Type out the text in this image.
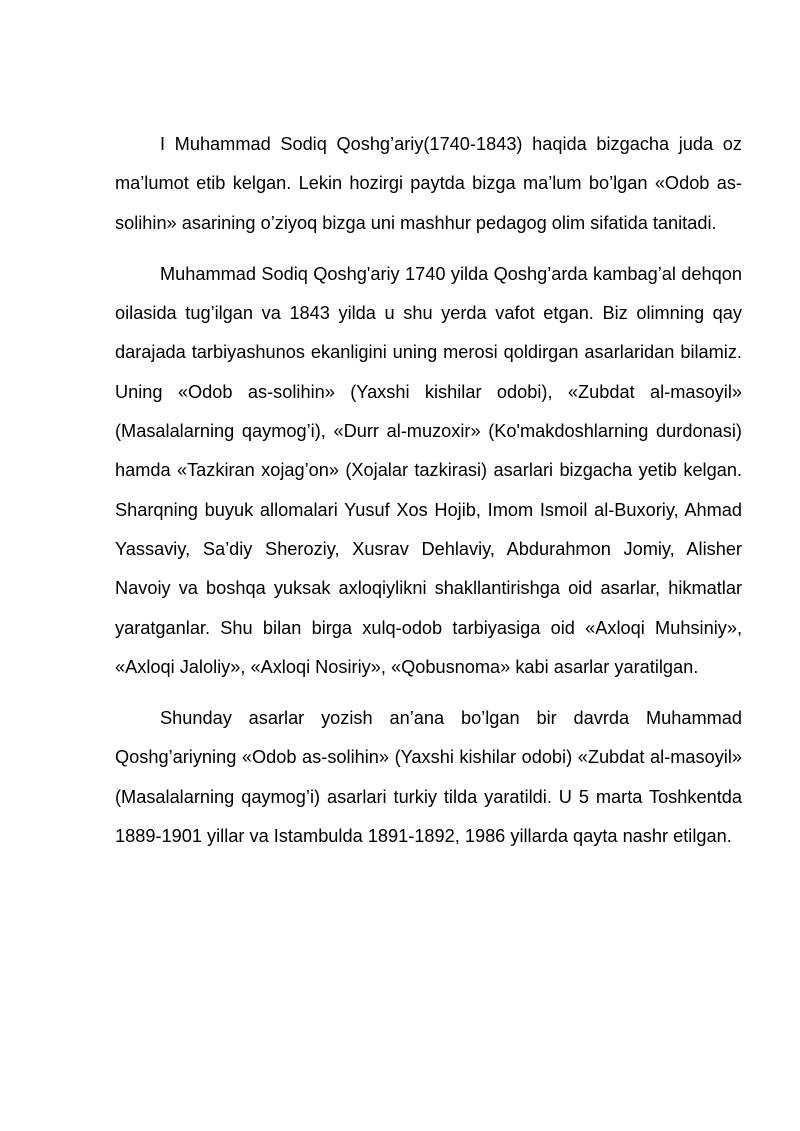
I Muhammad Sodiq Qoshg’ariy(1740-1843) haqida bizgacha juda oz ma’lumot etib kelgan. Lekin hozirgi paytda bizga ma’lum bo’lgan «Odob as-solihin» asarining o’ziyoq bizga uni mashhur pedagog olim sifatida tanitadi.

Muhammad Sodiq Qoshg'ariy 1740 yilda Qoshg’arda kambag’al dehqon oilasida tug’ilgan va 1843 yilda u shu yerda vafot etgan. Biz olimning qay darajada tarbiyashunos ekanligini uning merosi qoldirgan asarlaridan bilamiz. Uning «Odob as-solihin» (Yaxshi kishilar odobi), «Zubdat al-masoyil» (Masalalarning qaymog’i), «Durr al-muzoxir» (Ko'makdoshlarning durdonasi) hamda «Tazkiran xojag’on» (Xojalar tazkirasi) asarlari bizgacha yetib kelgan. Sharqning buyuk allomalari Yusuf Xos Hojib, Imom Ismoil al-Buxoriy, Ahmad Yassaviy, Sa’diy Sheroziy, Xusrav Dehlaviy, Abdurahmon Jomiy, Alisher Navoiy va boshqa yuksak axloqiylikni shakllantirishga oid asarlar, hikmatlar yaratganlar. Shu bilan birga xulq-odob tarbiyasiga oid «Axloqi Muhsiniy», «Axloqi Jaloliy», «Axloqi Nosiriy», «Qobusnoma» kabi asarlar yaratilgan.

Shunday asarlar yozish an’ana bo’lgan bir davrda Muhammad Qoshg’ariyning «Odob as-solihin» (Yaxshi kishilar odobi) «Zubdat al-masoyil» (Masalalarning qaymog’i) asarlari turkiy tilda yaratildi. U 5 marta Toshkentda 1889-1901 yillar va Istambulda 1891-1892, 1986 yillarda qayta nashr etilgan.
